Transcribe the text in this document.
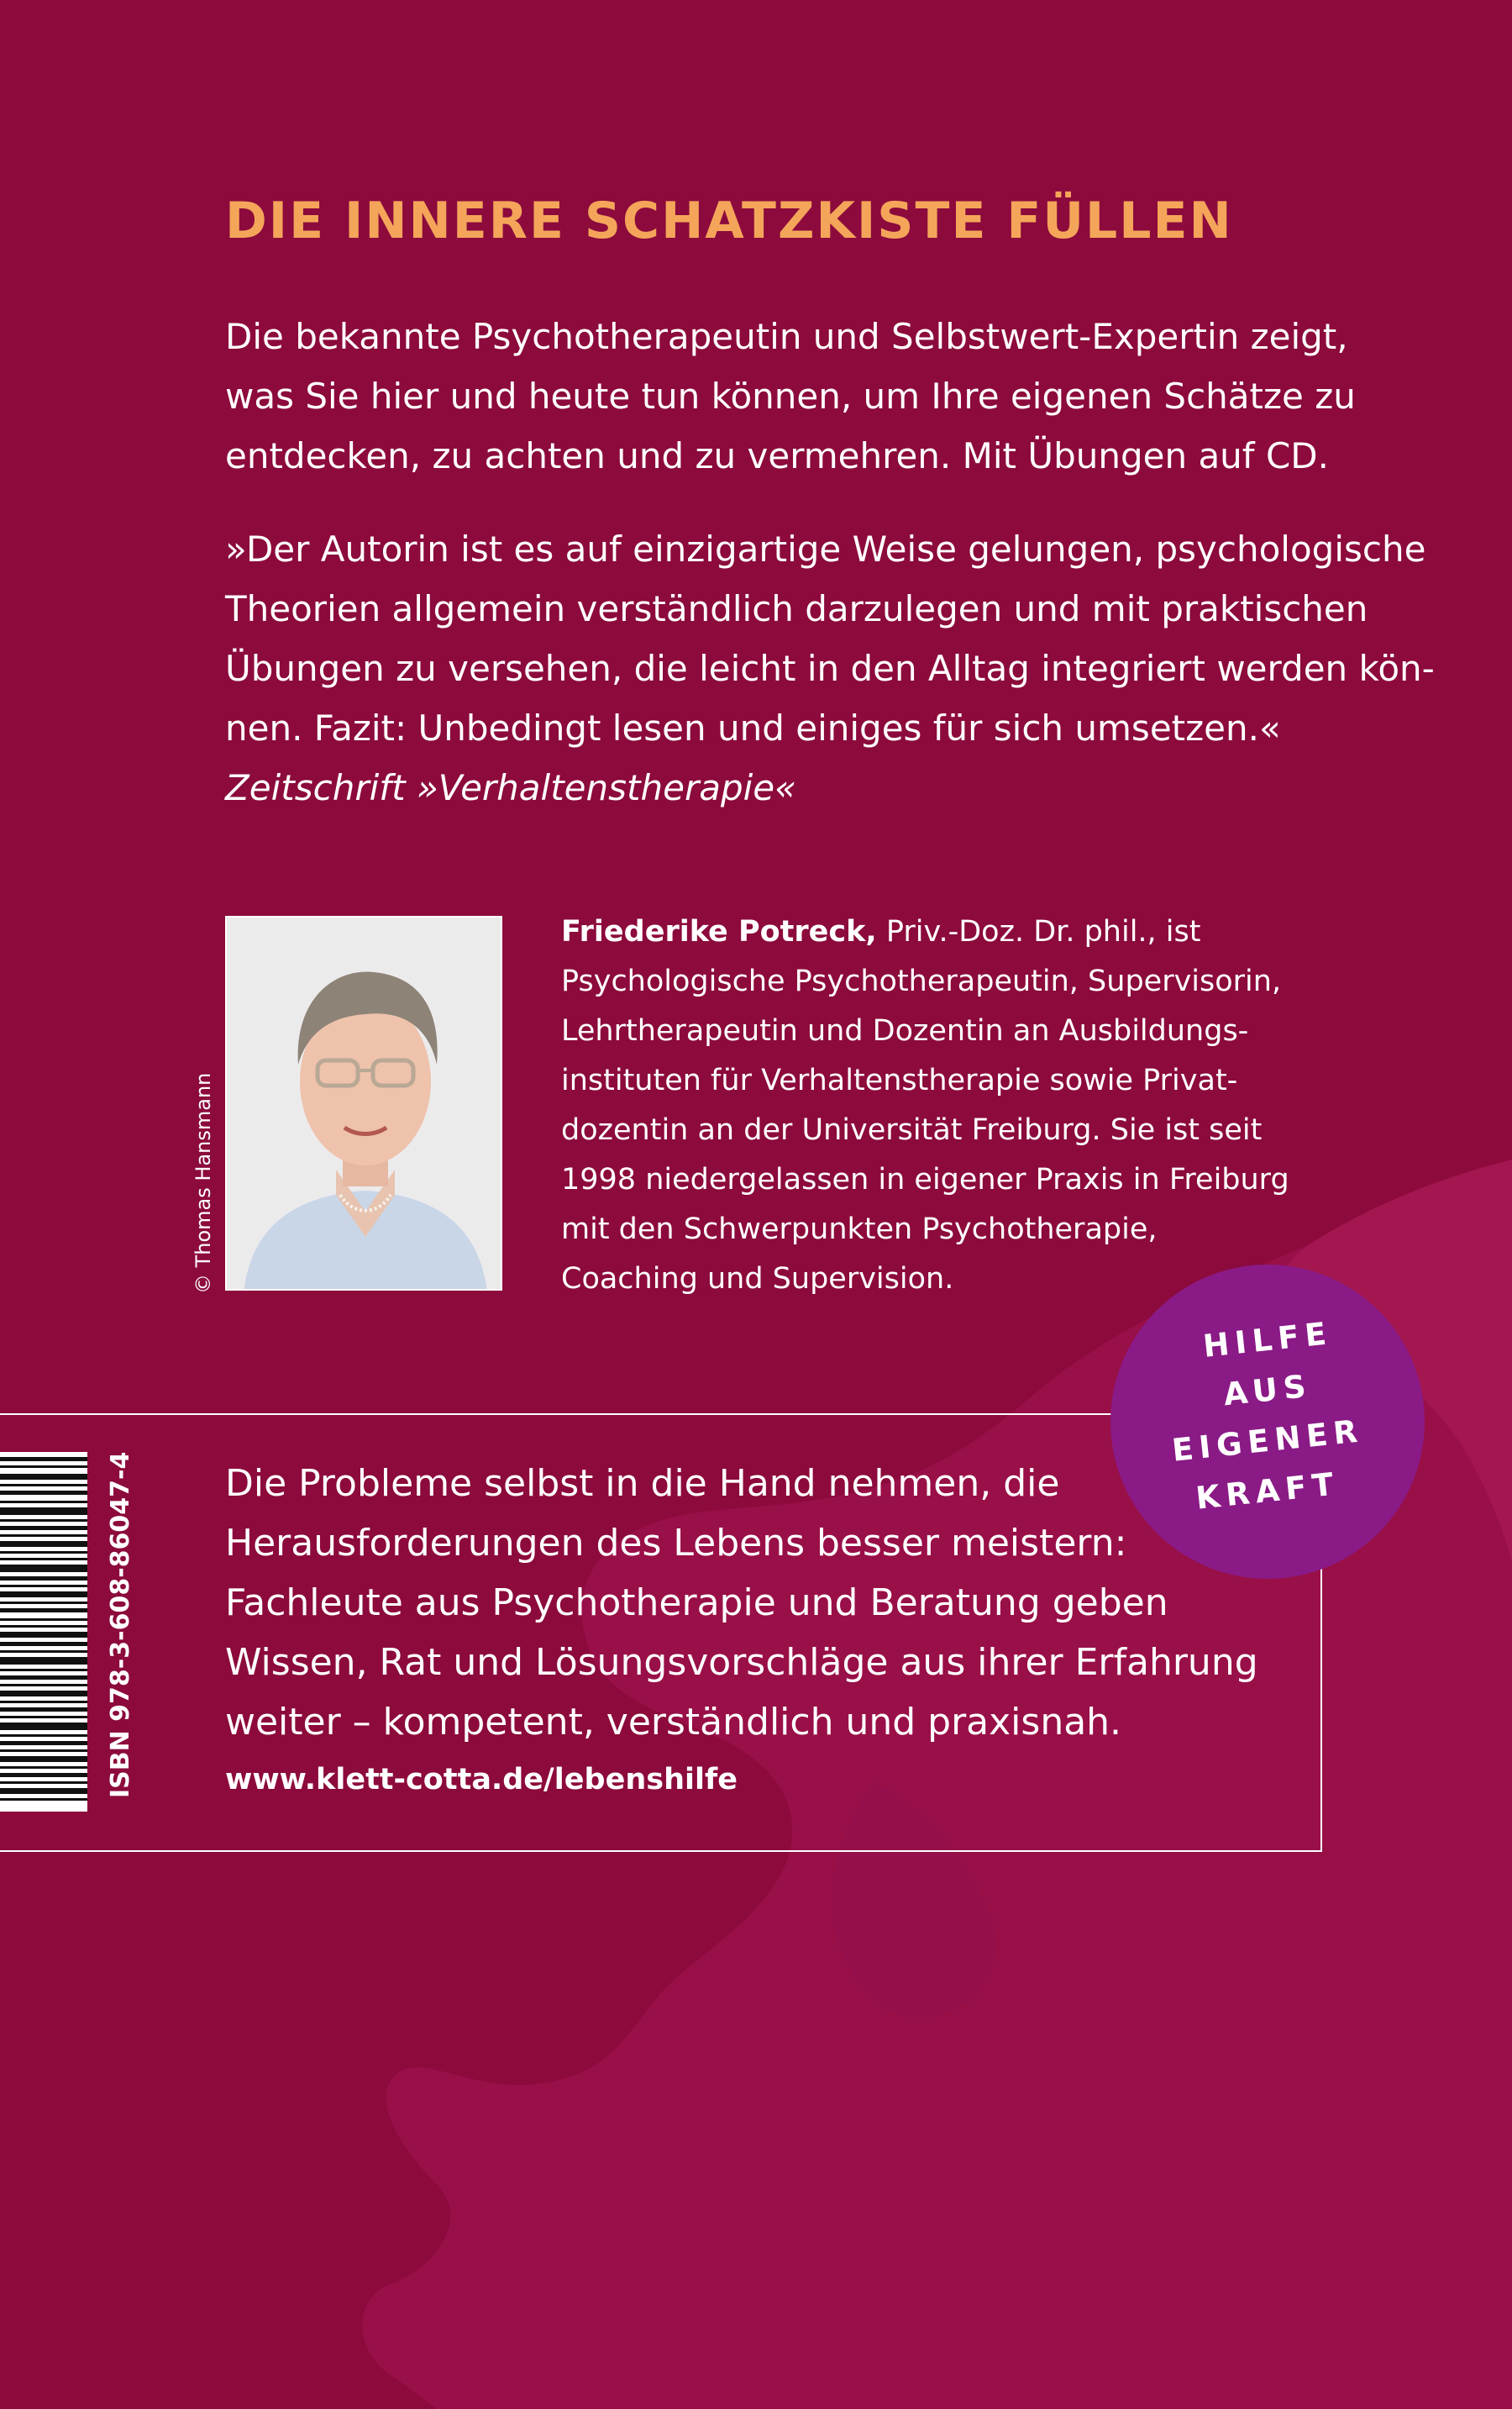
DIE INNERE SCHATZKISTE FÜLLEN

Die bekannte Psychotherapeutin und Selbstwert-Expertin zeigt,
was Sie hier und heute tun können, um Ihre eigenen Schätze zu
entdecken, zu achten und zu vermehren. Mit Übungen auf CD.

»Der Autorin ist es auf einzigartige Weise gelungen, psychologische
Theorien allgemein verständlich darzulegen und mit praktischen
Übungen zu versehen, die leicht in den Alltag integriert werden kön-
nen. Fazit: Unbedingt lesen und einiges für sich umsetzen.«
Zeitschrift »Verhaltenstherapie«

© Thomas Hansmann

Friederike Potreck, Priv.-Doz. Dr. phil., ist
Psychologische Psychotherapeutin, Supervisorin,
Lehrtherapeutin und Dozentin an Ausbildungs-
instituten für Verhaltenstherapie sowie Privat-
dozentin an der Universität Freiburg. Sie ist seit
1998 niedergelassen in eigener Praxis in Freiburg
mit den Schwerpunkten Psychotherapie,
Coaching und Supervision.

HILFE
AUS
EIGENER
KRAFT
ISBN 978-3-608-86047-4 Die Probleme selbst in die Hand nehmen, die
Herausforderungen des Lebens besser meistern:
Fachleute aus Psychotherapie und Beratung geben
Wissen, Rat und Lösungsvorschläge aus ihrer Erfahrung
weiter – kompetent, verständlich und praxisnah.

www.klett-cotta.de/lebenshilfe
